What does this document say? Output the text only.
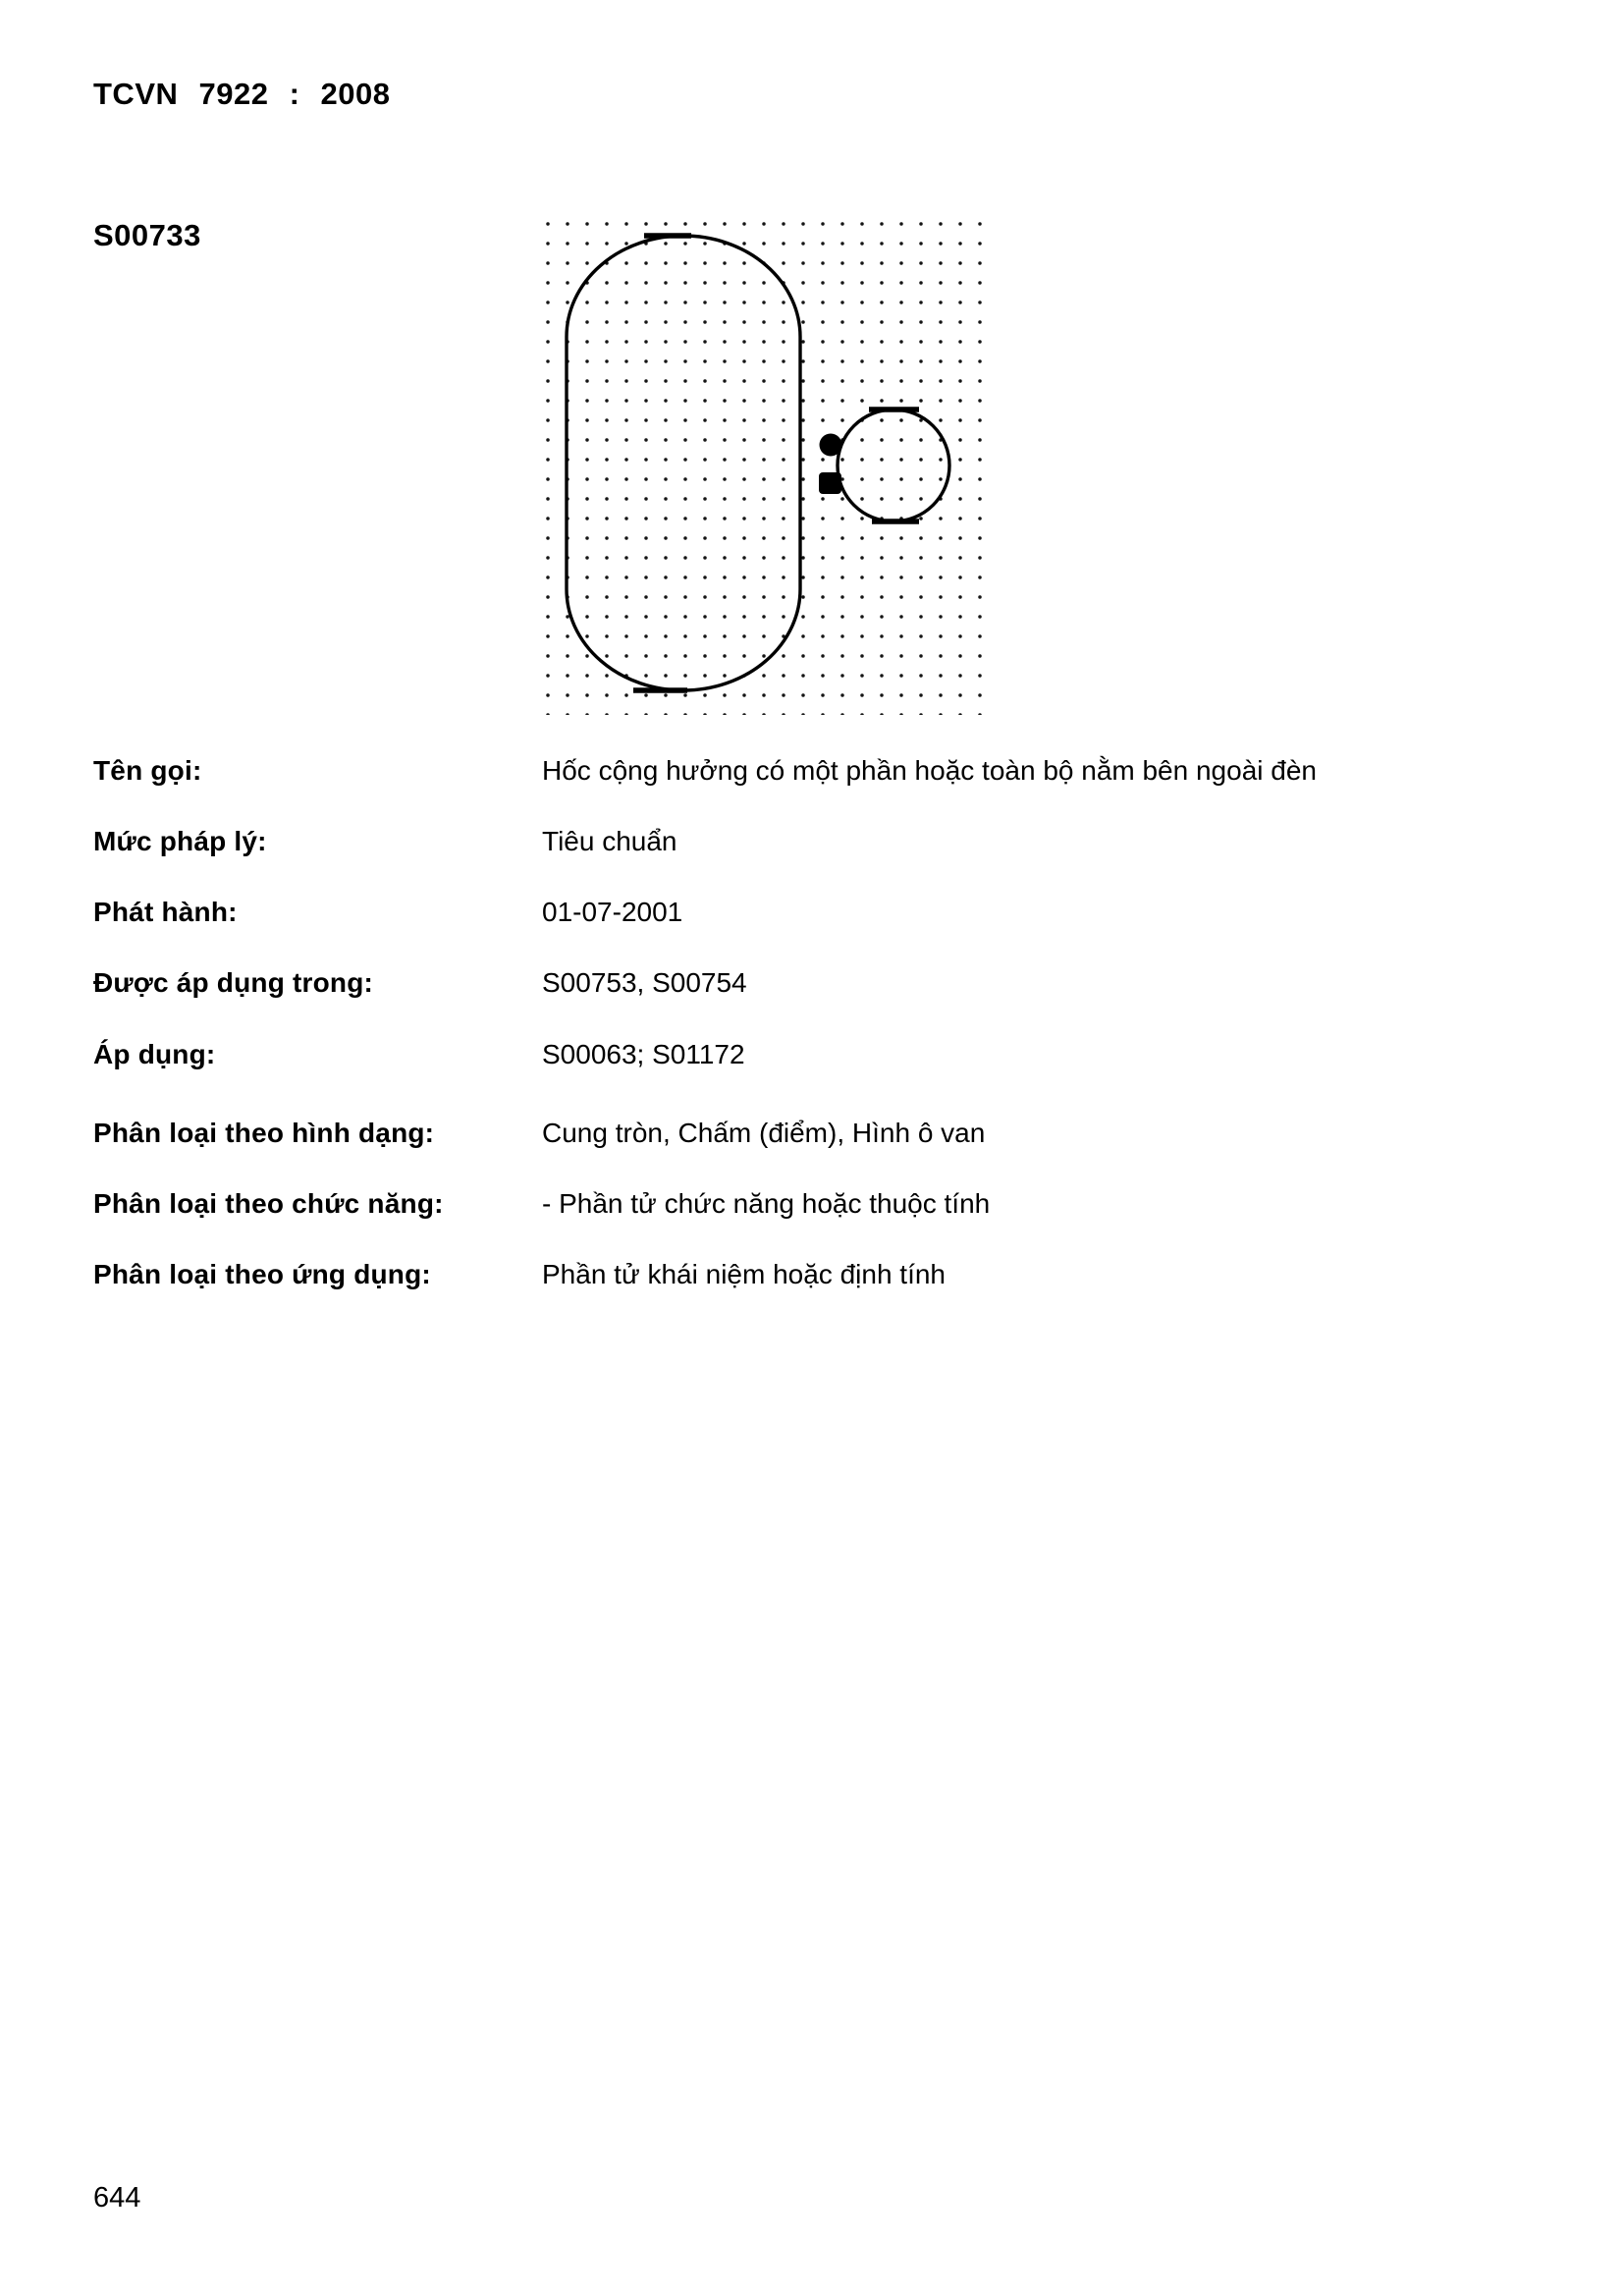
TCVN 7922 : 2008
S00733
Tên gọi:	Hốc cộng hưởng có một phần hoặc toàn bộ nằm bên ngoài đèn
Mức pháp lý:	Tiêu chuẩn
Phát hành:	01-07-2001
Được áp dụng trong:	S00753, S00754
Áp dụng:	S00063; S01172
Phân loại theo hình dạng:	Cung tròn, Chấm (điểm), Hình ô van
Phân loại theo chức năng:	- Phần tử chức năng hoặc thuộc tính
Phân loại theo ứng dụng:	Phần tử khái niệm hoặc định tính
644
